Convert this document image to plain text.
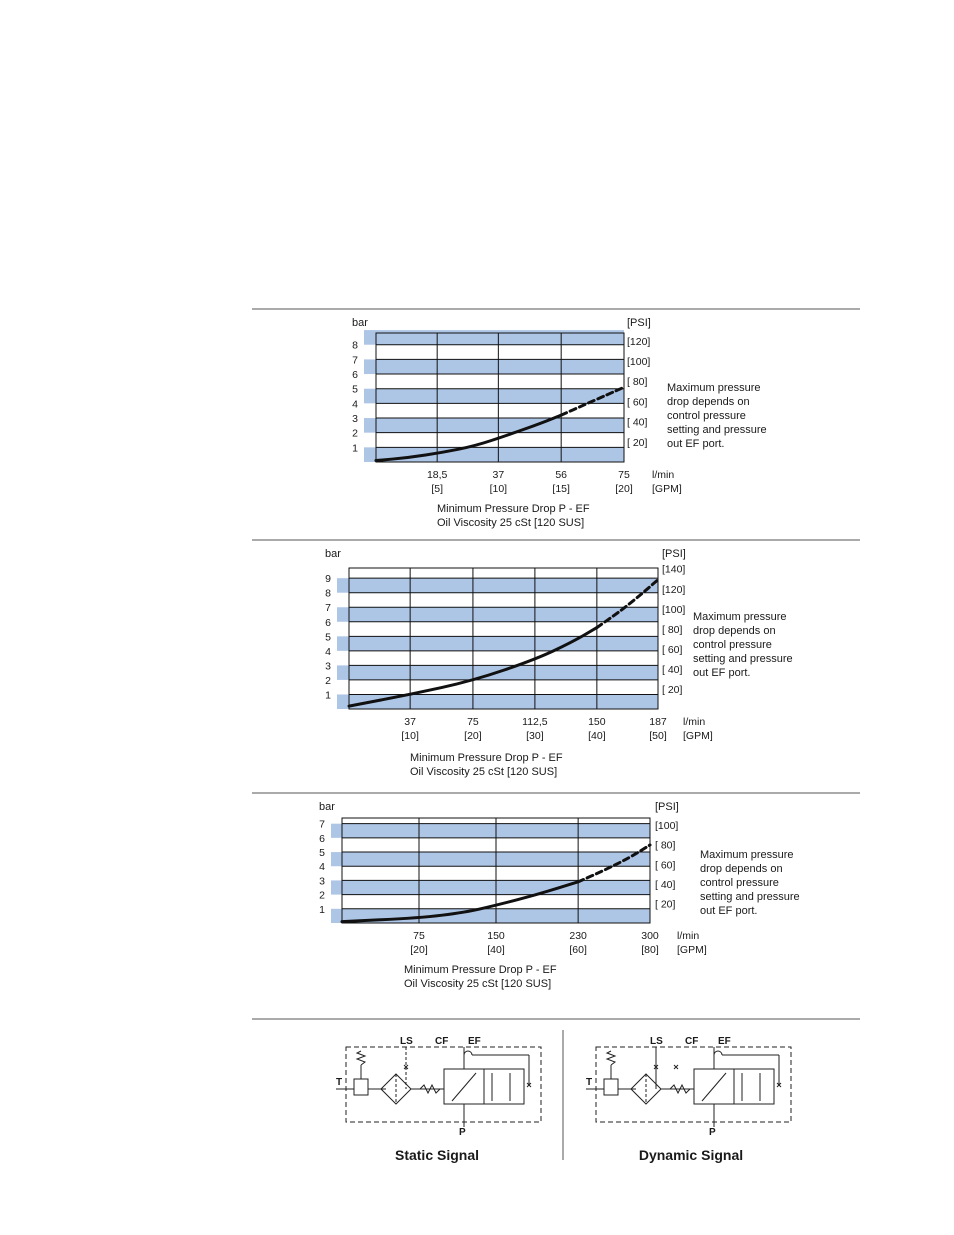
1
2
3
4
5
6
7
8
bar	[PSI]
[ 20]
[ 40]
[ 60]
[ 80]
[100]
[120]
18,5
[5]
37
[10]
56
[15]
75
[20]
l/min
[GPM]
Maximum pressure
drop depends on
control pressure
setting and pressure
out EF port.
Minimum Pressure Drop P - EF
Oil Viscosity 25 cSt [120 SUS]
1
2
3
4
5
6
7
8
9
bar	[PSI]
[ 20]
[ 40]
[ 60]
[ 80]
[100]
[120]
[140]
37
[10]
75
[20]
112,5
[30]
150
[40]
187
[50]
l/min
[GPM]
Maximum pressure
drop depends on
control pressure
setting and pressure
out EF port.
Minimum Pressure Drop P - EF
Oil Viscosity 25 cSt [120 SUS]
1
2
3
4
5
6
7
bar	[PSI]
[ 20]
[ 40]
[ 60]
[ 80]
[100]
75
[20]
150
[40]
230
[60]
300
[80]
l/min
[GPM]
Maximum pressure
drop depends on
control pressure
setting and pressure
out EF port.
Minimum Pressure Drop P - EF
Oil Viscosity 25 cSt [120 SUS]
LS CF EF
T
P
Static Signal
LS CF EF
T
P
Dynamic Signal
